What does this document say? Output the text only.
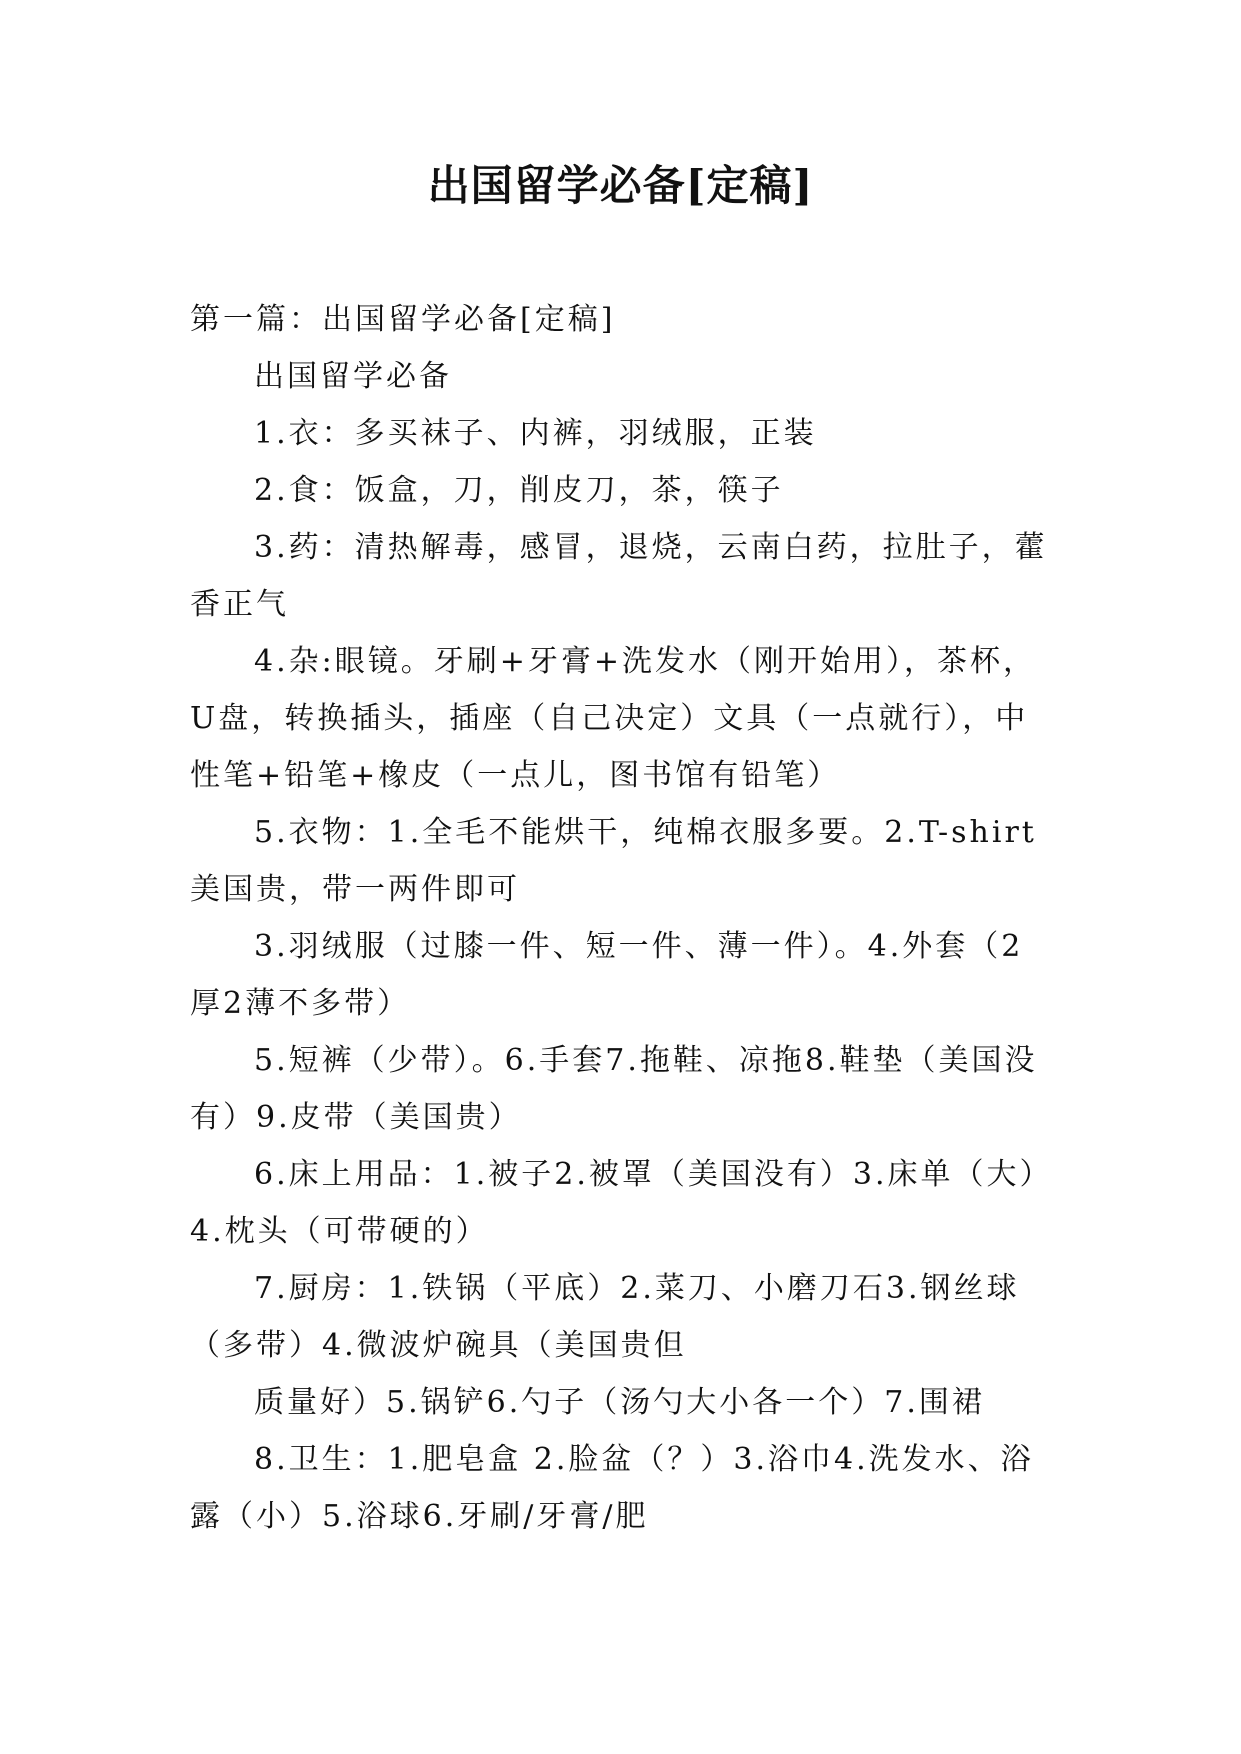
出国留学必备[定稿]

第一篇：出国留学必备[定稿]

出国留学必备

1.衣：多买袜子、内裤，羽绒服，正装

2.食：饭盒，刀，削皮刀，茶，筷子

3.药：清热解毒，感冒，退烧，云南白药，拉肚子，藿香正气

4.杂:眼镜。牙刷+牙膏+洗发水（刚开始用），茶杯，U盘，转换插头，插座（自己决定）文具（一点就行），中性笔+铅笔+橡皮（一点儿，图书馆有铅笔）

5.衣物：1.全毛不能烘干，纯棉衣服多要。2.T-shirt美国贵，带一两件即可

3.羽绒服（过膝一件、短一件、薄一件）。4.外套（2厚2薄不多带）

5.短裤（少带）。6.手套7.拖鞋、凉拖8.鞋垫（美国没有）9.皮带（美国贵）

6.床上用品：1.被子2.被罩（美国没有）3.床单（大）4.枕头（可带硬的）

7.厨房：1.铁锅（平底）2.菜刀、小磨刀石3.钢丝球（多带）4.微波炉碗具（美国贵但

质量好）5.锅铲6.勺子（汤勺大小各一个）7.围裙

8.卫生：1.肥皂盒 2.脸盆（？）3.浴巾4.洗发水、浴露（小）5.浴球6.牙刷/牙膏/肥
